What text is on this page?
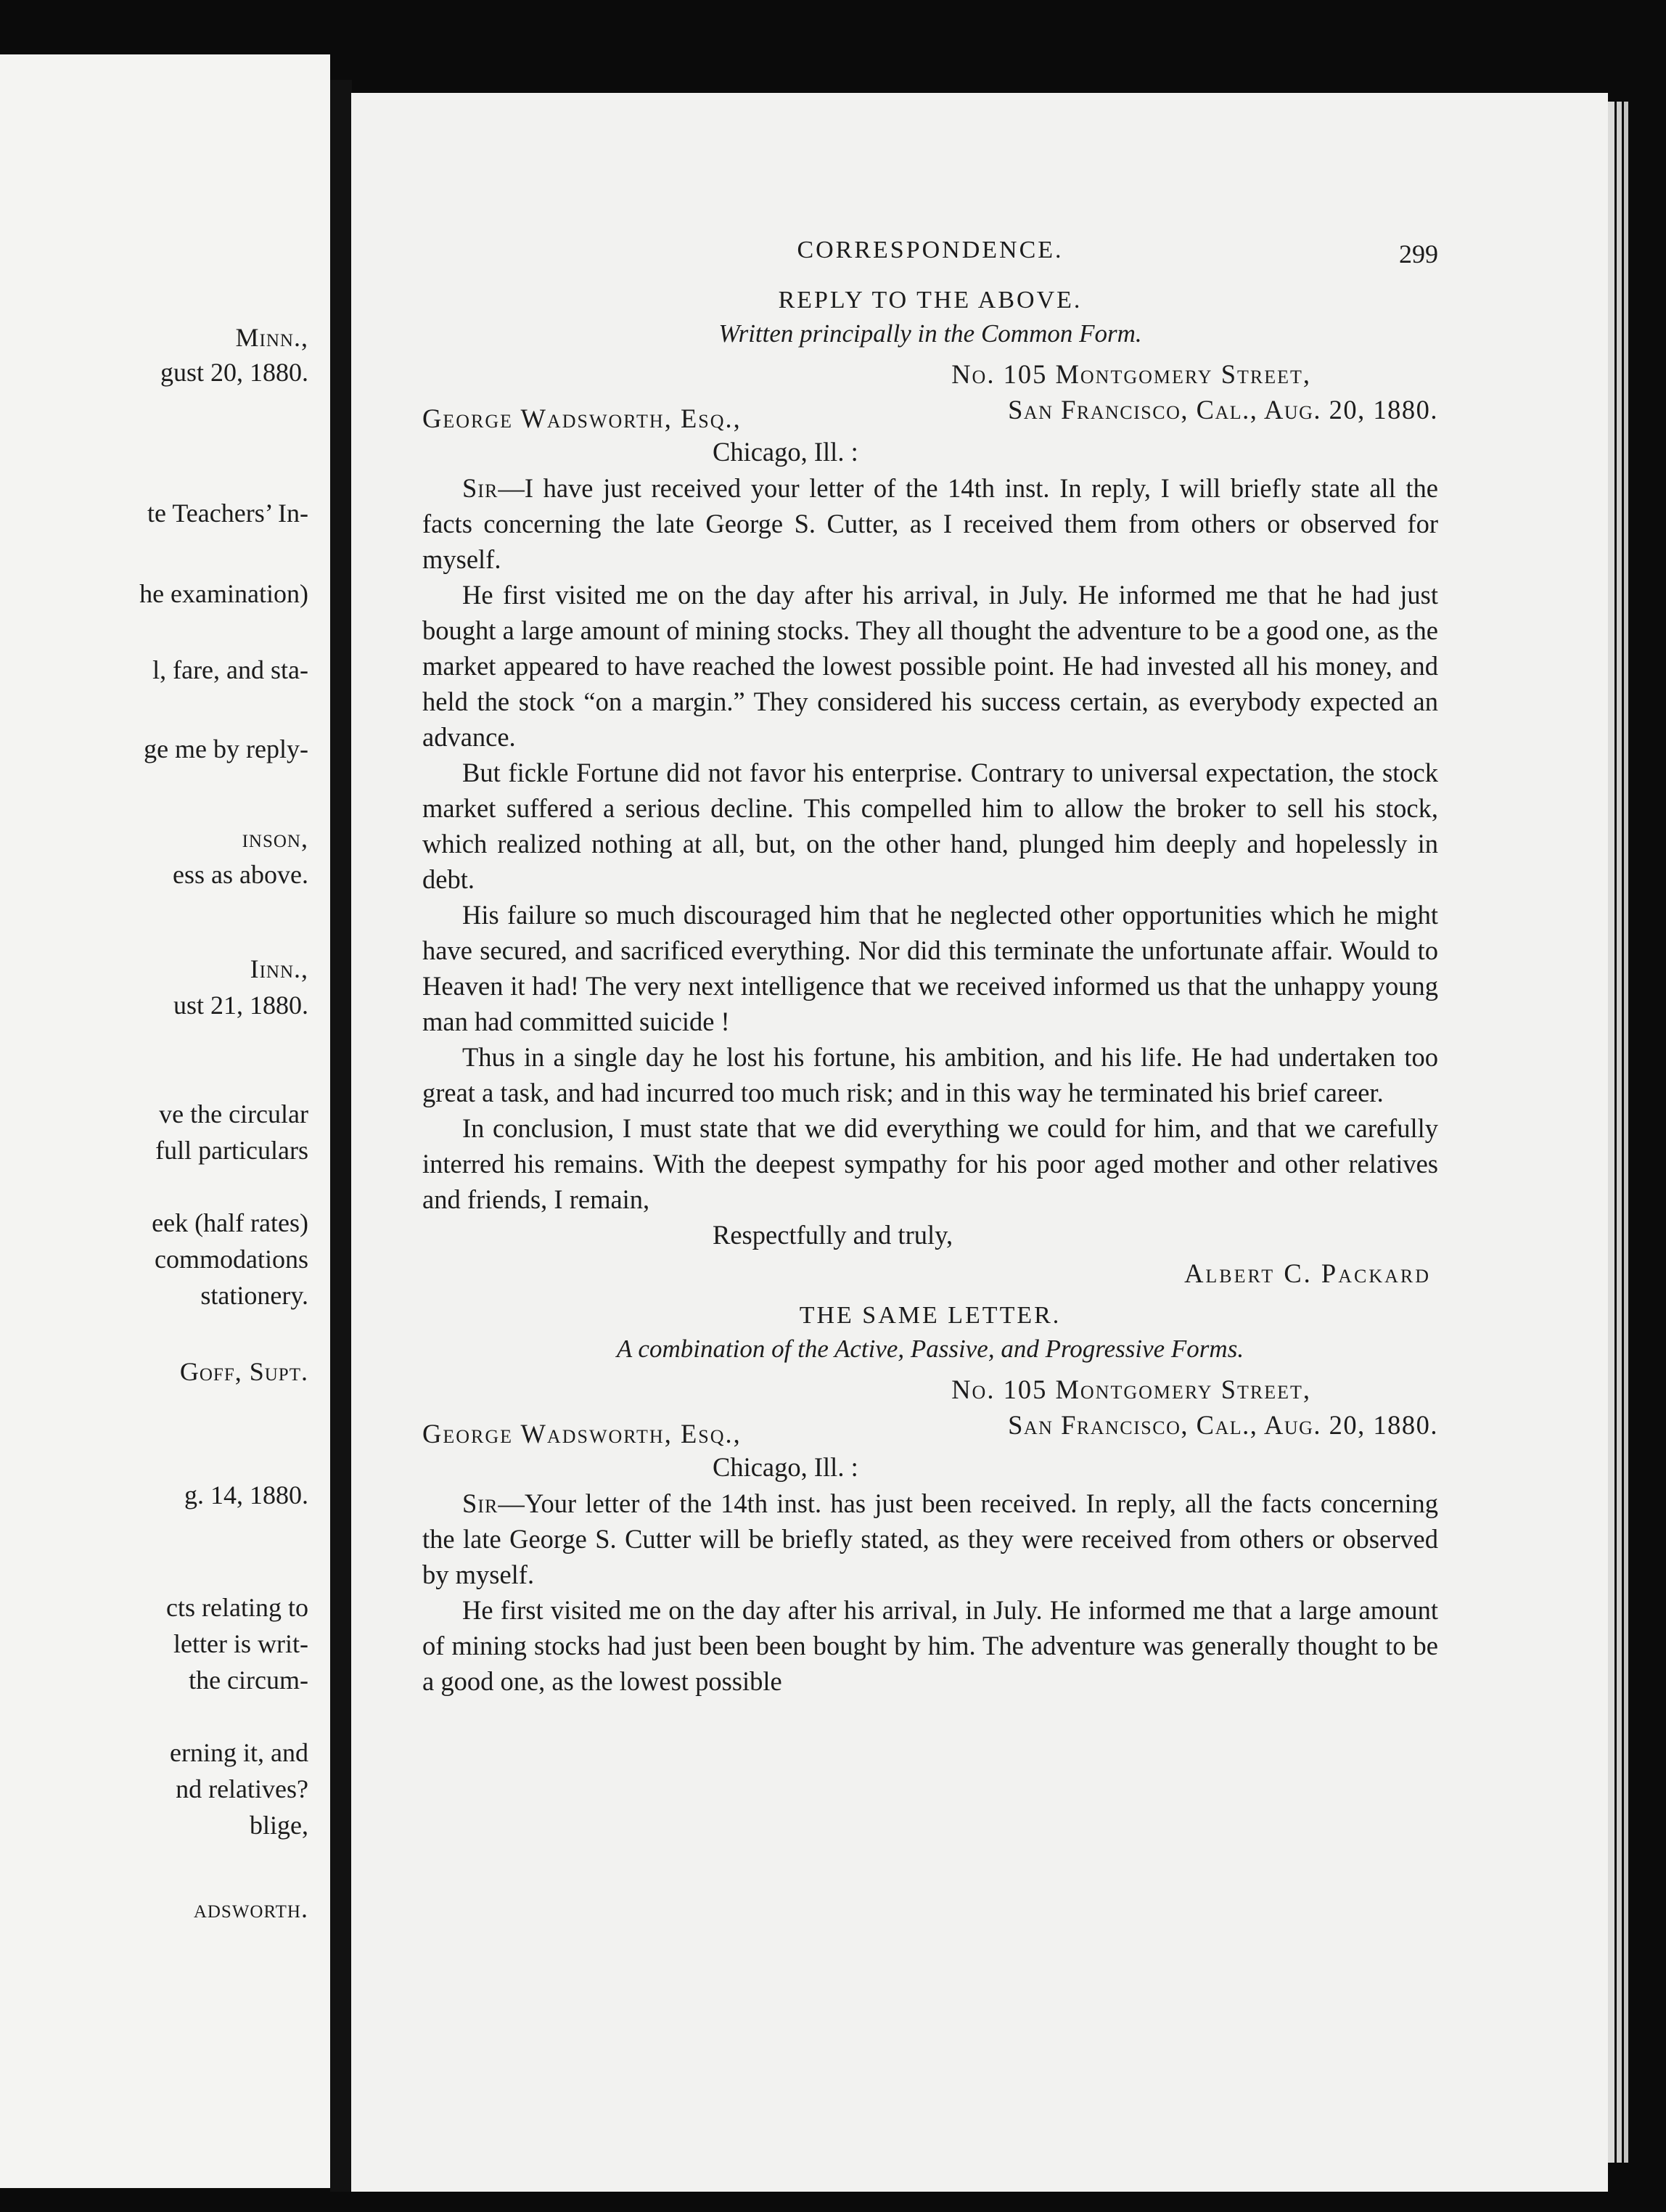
Minn.,
gust 20, 1880.
te Teachers’ In-
he examination)
l, fare, and sta-
ge me by reply-
inson,
ess as above.
Iinn.,
ust 21, 1880.
ve the circular
full particulars
eek (half rates)
commodations
stationery.
Goff, Supt.
g. 14, 1880.
cts relating to
letter is writ-
the circum-
erning it, and
nd relatives?
blige,
adsworth.
CORRESPONDENCE.	299
REPLY TO THE ABOVE.
Written principally in the Common Form.
No. 105 Montgomery Street,
George Wadsworth, Esq.,	San Francisco, Cal., Aug. 20, 1880.
Chicago, Ill. :

Sir—I have just received your letter of the 14th inst. In reply, I will briefly state all the facts concerning the late George S. Cutter, as I received them from others or observed for myself.

He first visited me on the day after his arrival, in July. He informed me that he had just bought a large amount of mining stocks. They all thought the adventure to be a good one, as the market appeared to have reached the lowest possible point. He had invested all his money, and held the stock “on a margin.” They considered his success certain, as everybody expected an advance.

But fickle Fortune did not favor his enterprise. Contrary to universal expectation, the stock market suffered a serious decline. This compelled him to allow the broker to sell his stock, which realized nothing at all, but, on the other hand, plunged him deeply and hopelessly in debt.

His failure so much discouraged him that he neglected other opportunities which he might have secured, and sacrificed everything. Nor did this terminate the unfortunate affair. Would to Heaven it had! The very next intelligence that we received informed us that the unhappy young man had committed suicide !

Thus in a single day he lost his fortune, his ambition, and his life. He had undertaken too great a task, and had incurred too much risk; and in this way he terminated his brief career.

In conclusion, I must state that we did everything we could for him, and that we carefully interred his remains. With the deepest sympathy for his poor aged mother and other relatives and friends, I remain,

Respectfully and truly,
Albert C. Packard
THE SAME LETTER.
A combination of the Active, Passive, and Progressive Forms.
No. 105 Montgomery Street,
George Wadsworth, Esq.,	San Francisco, Cal., Aug. 20, 1880.
Chicago, Ill. :

Sir—Your letter of the 14th inst. has just been received. In reply, all the facts concerning the late George S. Cutter will be briefly stated, as they were received from others or observed by myself.

He first visited me on the day after his arrival, in July. He informed me that a large amount of mining stocks had just been been bought by him. The adventure was generally thought to be a good one, as the lowest possible
